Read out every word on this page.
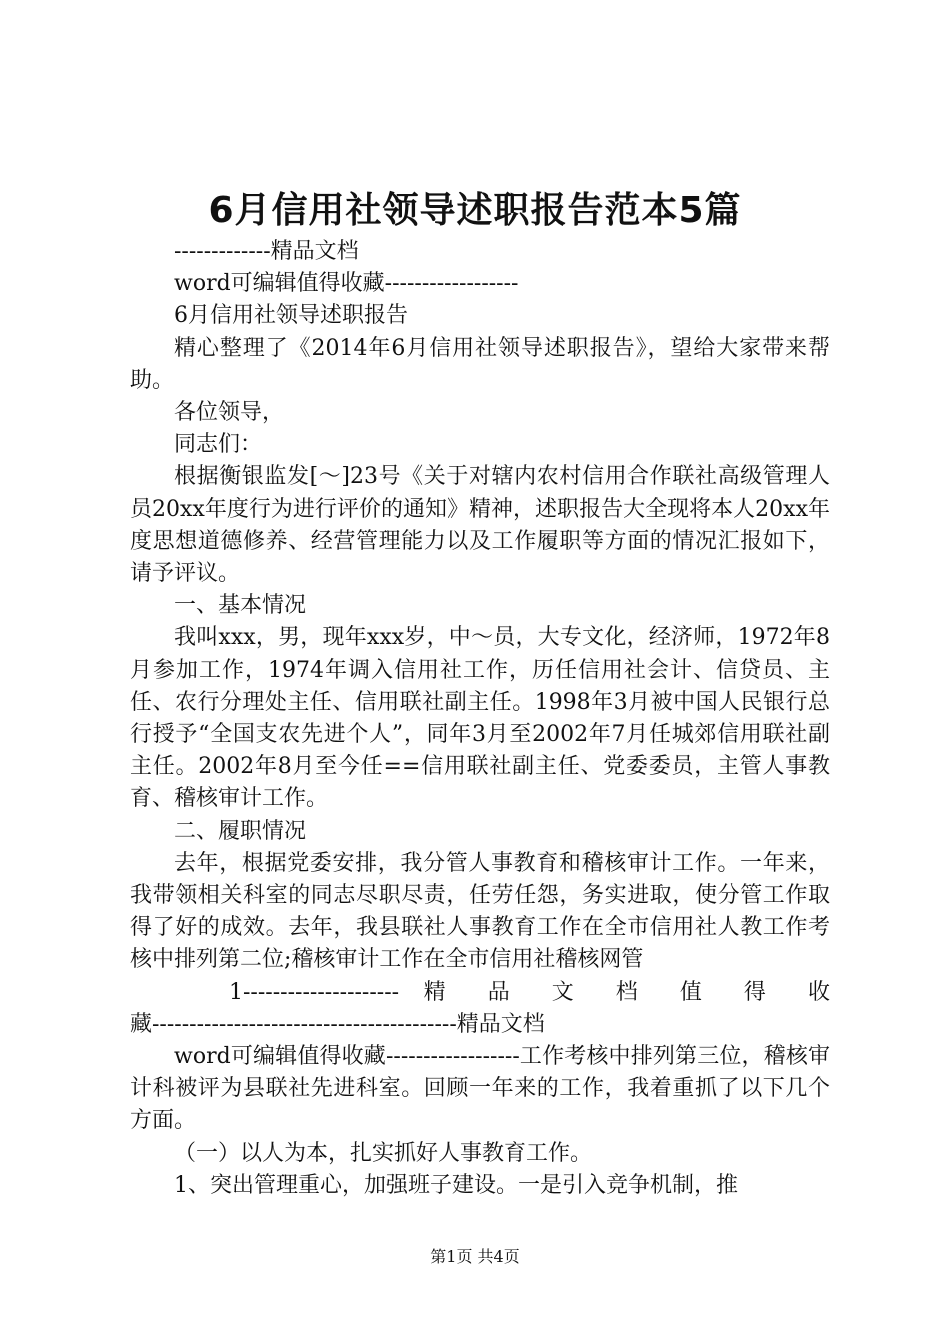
6月信用社领导述职报告范本5篇

-------------精品文档

word可编辑值得收藏------------------

6月信用社领导述职报告

精心整理了《2014年6月信用社领导述职报告》，望给大家带来帮助。

各位领导，

同志们：

根据衡银监发[～]23号《关于对辖内农村信用合作联社高级管理人员20xx年度行为进行评价的通知》精神，述职报告大全现将本人20xx年度思想道德修养、经营管理能力以及工作履职等方面的情况汇报如下，请予评议。

一、基本情况

我叫xxx，男，现年xxx岁，中～员，大专文化，经济师，1972年8月参加工作，1974年调入信用社工作，历任信用社会计、信贷员、主任、农行分理处主任、信用联社副主任。1998年3月被中国人民银行总行授予“全国支农先进个人”，同年3月至2002年7月任城郊信用联社副主任。2002年8月至今任==信用联社副主任、党委委员，主管人事教育、稽核审计工作。

二、履职情况

去年，根据党委安排，我分管人事教育和稽核审计工作。一年来，我带领相关科室的同志尽职尽责，任劳任怨，务实进取，使分管工作取得了好的成效。去年，我县联社人事教育工作在全市信用社人教工作考核中排列第二位;稽核审计工作在全市信用社稽核网管

1--------------------- 精 品 文 档 值 得 收

藏-----------------------------------------精品文档

word可编辑值得收藏------------------工作考核中排列第三位，稽核审计科被评为县联社先进科室。回顾一年来的工作，我着重抓了以下几个方面。

（一）以人为本，扎实抓好人事教育工作。

1、突出管理重心，加强班子建设。一是引入竞争机制，推

第1页 共4页
